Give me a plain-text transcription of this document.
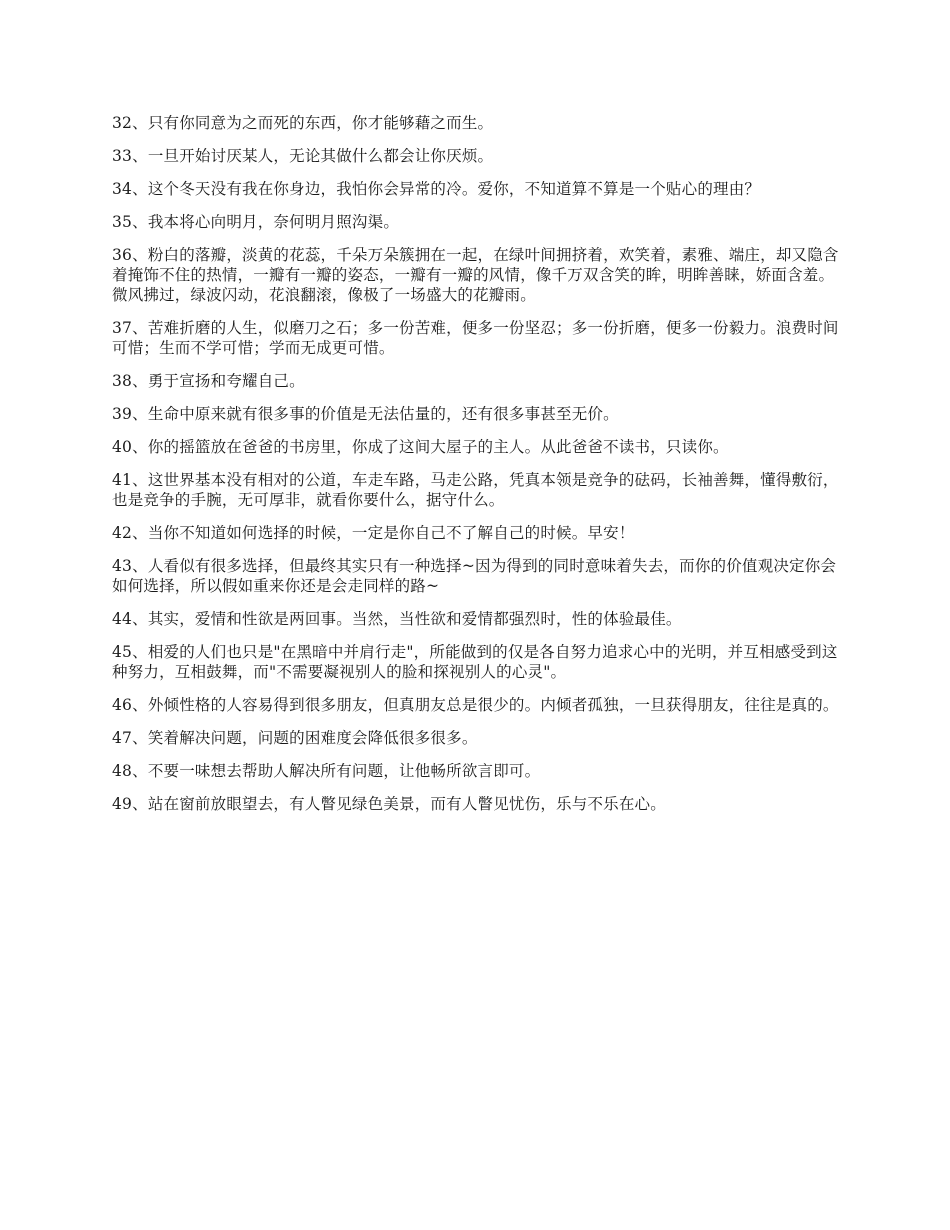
32、只有你同意为之而死的东西，你才能够藉之而生。

33、一旦开始讨厌某人，无论其做什么都会让你厌烦。

34、这个冬天没有我在你身边，我怕你会异常的冷。爱你，不知道算不算是一个贴心的理由？

35、我本将心向明月，奈何明月照沟渠。

36、粉白的落瓣，淡黄的花蕊，千朵万朵簇拥在一起，在绿叶间拥挤着，欢笑着，素雅、端庄，却又隐含着掩饰不住的热情，一瓣有一瓣的姿态，一瓣有一瓣的风情，像千万双含笑的眸，明眸善睐，娇面含羞。微风拂过，绿波闪动，花浪翻滚，像极了一场盛大的花瓣雨。

37、苦难折磨的人生，似磨刀之石；多一份苦难，便多一份坚忍；多一份折磨，便多一份毅力。浪费时间可惜；生而不学可惜；学而无成更可惜。

38、勇于宣扬和夸耀自己。

39、生命中原来就有很多事的价值是无法估量的，还有很多事甚至无价。

40、你的摇篮放在爸爸的书房里，你成了这间大屋子的主人。从此爸爸不读书，只读你。

41、这世界基本没有相对的公道，车走车路，马走公路，凭真本领是竞争的砝码，长袖善舞，懂得敷衍，也是竞争的手腕，无可厚非，就看你要什么，据守什么。

42、当你不知道如何选择的时候，一定是你自己不了解自己的时候。早安！

43、人看似有很多选择，但最终其实只有一种选择~因为得到的同时意味着失去，而你的价值观决定你会如何选择，所以假如重来你还是会走同样的路~

44、其实，爱情和性欲是两回事。当然，当性欲和爱情都强烈时，性的体验最佳。

45、相爱的人们也只是"在黑暗中并肩行走"，所能做到的仅是各自努力追求心中的光明，并互相感受到这种努力，互相鼓舞，而"不需要凝视别人的脸和探视别人的心灵"。

46、外倾性格的人容易得到很多朋友，但真朋友总是很少的。内倾者孤独，一旦获得朋友，往往是真的。

47、笑着解决问题，问题的困难度会降低很多很多。

48、不要一味想去帮助人解决所有问题，让他畅所欲言即可。

49、站在窗前放眼望去，有人瞥见绿色美景，而有人瞥见忧伤，乐与不乐在心。
